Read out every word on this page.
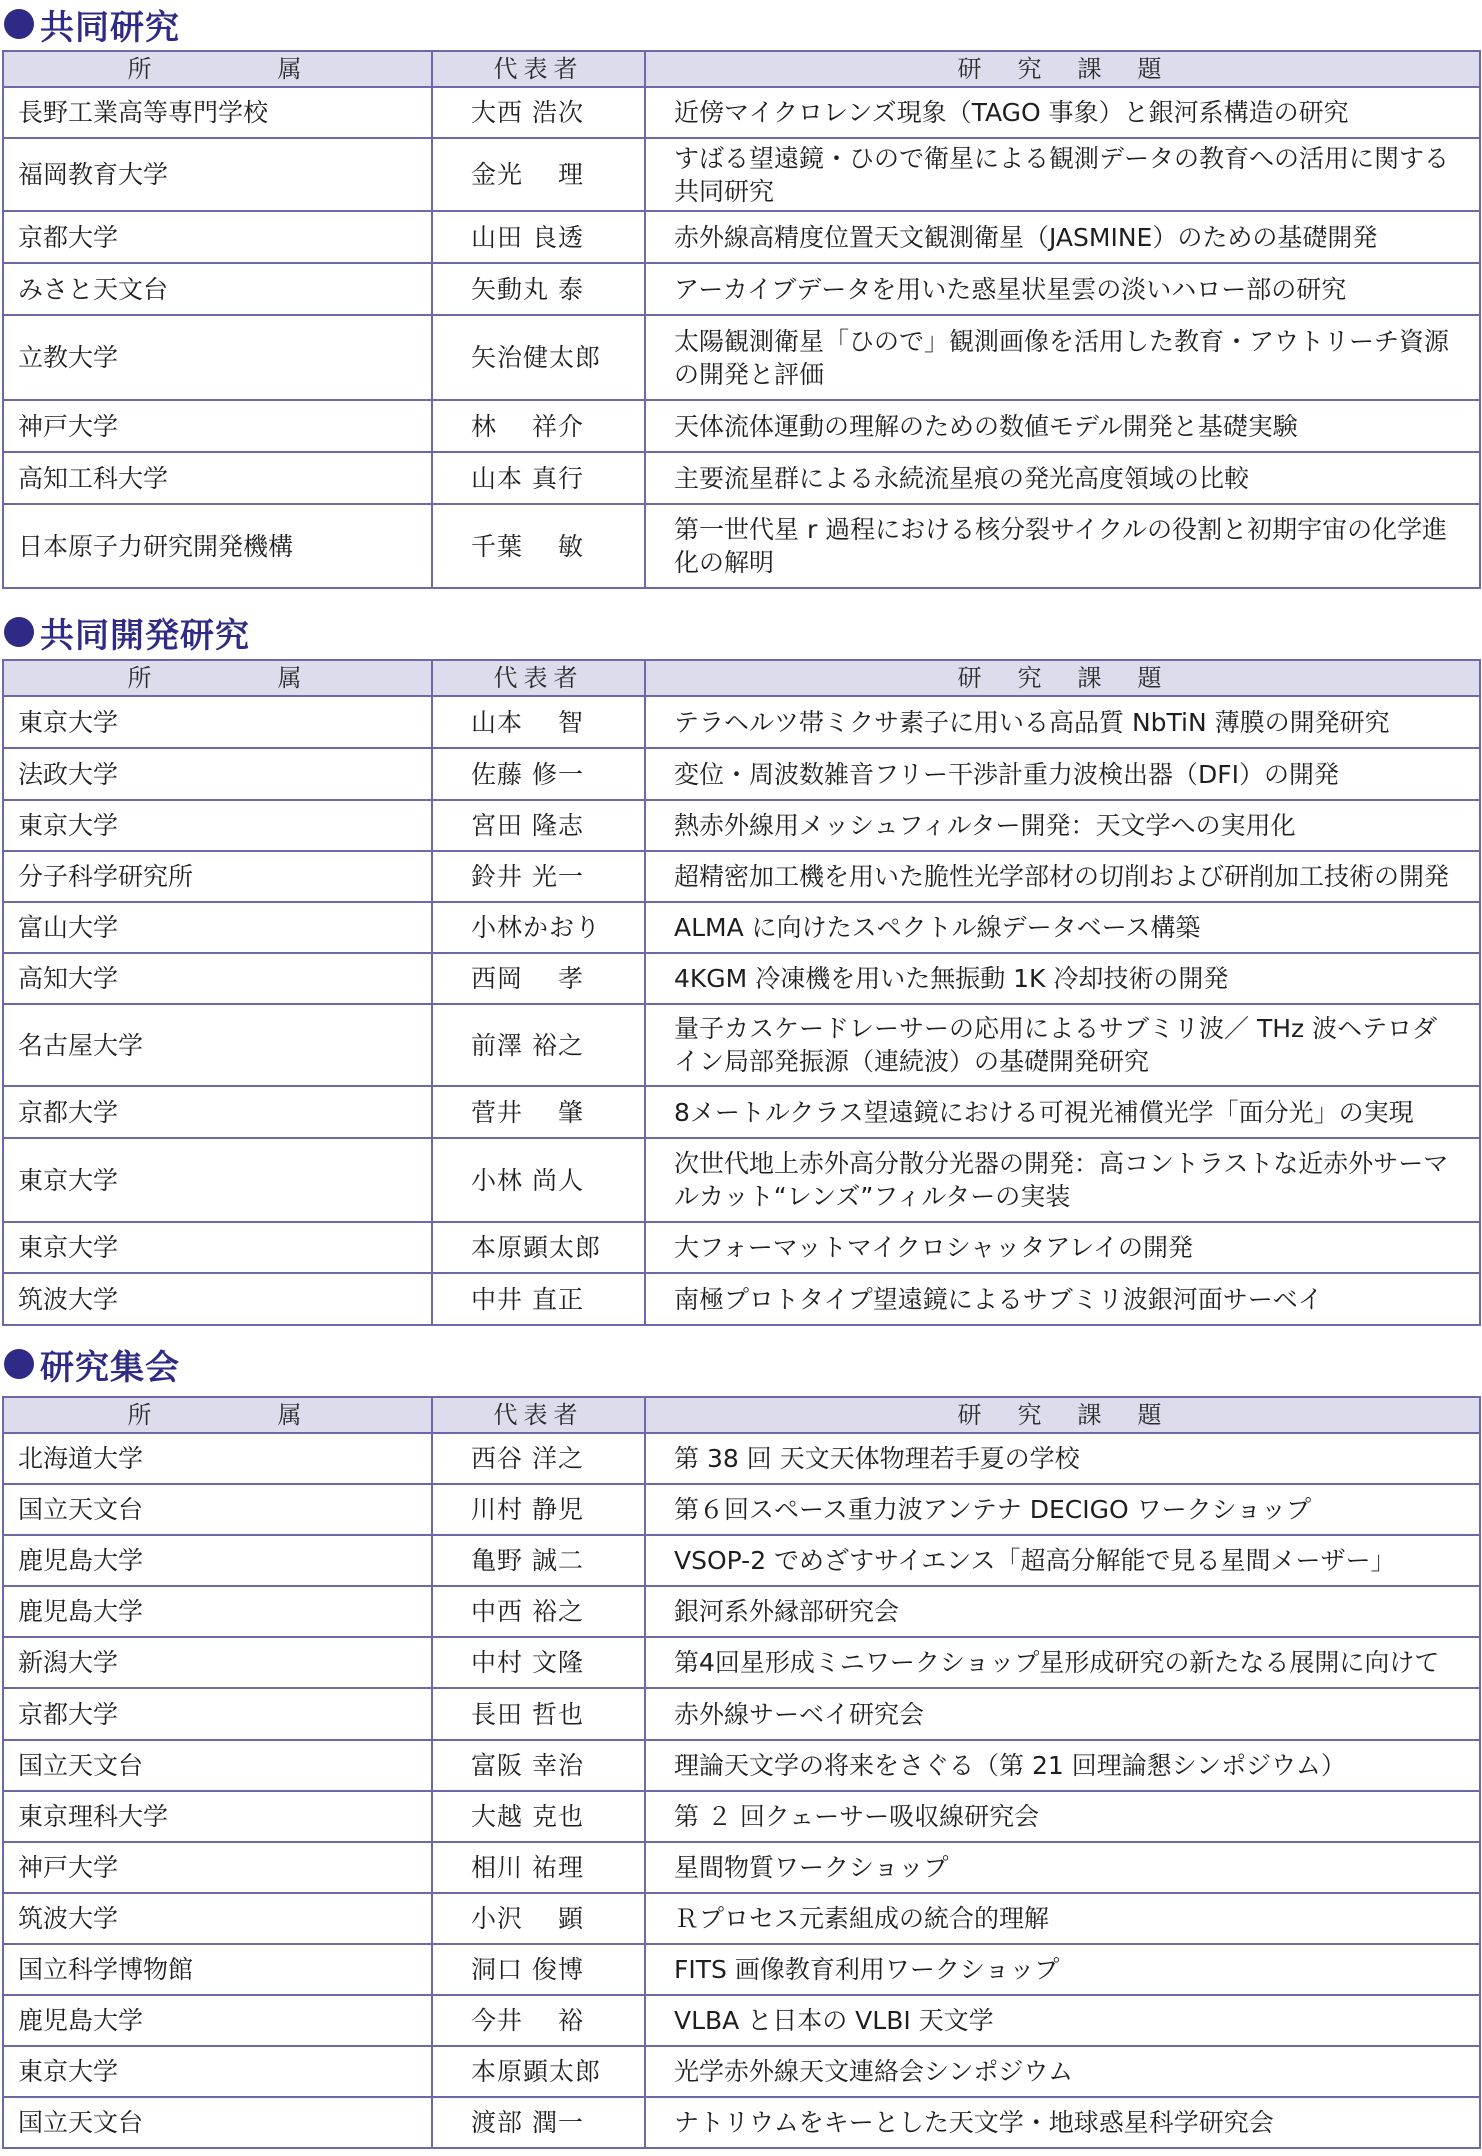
共同研究
所　　　　属	代表者	研　究　課　題
長野工業高等専門学校	大西 浩次	近傍マイクロレンズ現象（TAGO 事象）と銀河系構造の研究
福岡教育大学	金光　 理	すばる望遠鏡・ひので衛星による観測データの教育への活用に関する共同研究
京都大学	山田 良透	赤外線高精度位置天文観測衛星（JASMINE）のための基礎開発
みさと天文台	矢動丸 泰	アーカイブデータを用いた惑星状星雲の淡いハロー部の研究
立教大学	矢治健太郎	太陽観測衛星「ひので」観測画像を活用した教育・アウトリーチ資源の開発と評価
神戸大学	林　 祥介	天体流体運動の理解のための数値モデル開発と基礎実験
高知工科大学	山本 真行	主要流星群による永続流星痕の発光高度領域の比較
日本原子力研究開発機構	千葉　 敏	第一世代星 r 過程における核分裂サイクルの役割と初期宇宙の化学進化の解明
共同開発研究
所　　　　属	代表者	研　究　課　題
東京大学	山本　 智	テラヘルツ帯ミクサ素子に用いる高品質 NbTiN 薄膜の開発研究
法政大学	佐藤 修一	変位・周波数雑音フリー干渉計重力波検出器（DFI）の開発
東京大学	宮田 隆志	熱赤外線用メッシュフィルター開発：天文学への実用化
分子科学研究所	鈴井 光一	超精密加工機を用いた脆性光学部材の切削および研削加工技術の開発
富山大学	小林かおり	ALMA に向けたスペクトル線データベース構築
高知大学	西岡　 孝	4KGM 冷凍機を用いた無振動 1K 冷却技術の開発
名古屋大学	前澤 裕之	量子カスケードレーサーの応用によるサブミリ波／ THz 波ヘテロダイン局部発振源（連続波）の基礎開発研究
京都大学	菅井　 肇	8メートルクラス望遠鏡における可視光補償光学「面分光」の実現
東京大学	小林 尚人	次世代地上赤外高分散分光器の開発：高コントラストな近赤外サーマルカット“レンズ”フィルターの実装
東京大学	本原顕太郎	大フォーマットマイクロシャッタアレイの開発
筑波大学	中井 直正	南極プロトタイプ望遠鏡によるサブミリ波銀河面サーベイ
研究集会
所　　　　属	代表者	研　究　課　題
北海道大学	西谷 洋之	第 38 回 天文天体物理若手夏の学校
国立天文台	川村 静児	第６回スペース重力波アンテナ DECIGO ワークショップ
鹿児島大学	亀野 誠二	VSOP-2 でめざすサイエンス「超高分解能で見る星間メーザー」
鹿児島大学	中西 裕之	銀河系外縁部研究会
新潟大学	中村 文隆	第4回星形成ミニワークショップ星形成研究の新たなる展開に向けて
京都大学	長田 哲也	赤外線サーベイ研究会
国立天文台	富阪 幸治	理論天文学の将来をさぐる（第 21 回理論懇シンポジウム）
東京理科大学	大越 克也	第 ２ 回クェーサー吸収線研究会
神戸大学	相川 祐理	星間物質ワークショップ
筑波大学	小沢　 顕	Ｒプロセス元素組成の統合的理解
国立科学博物館	洞口 俊博	FITS 画像教育利用ワークショップ
鹿児島大学	今井　 裕	VLBA と日本の VLBI 天文学
東京大学	本原顕太郎	光学赤外線天文連絡会シンポジウム
国立天文台	渡部 潤一	ナトリウムをキーとした天文学・地球惑星科学研究会
